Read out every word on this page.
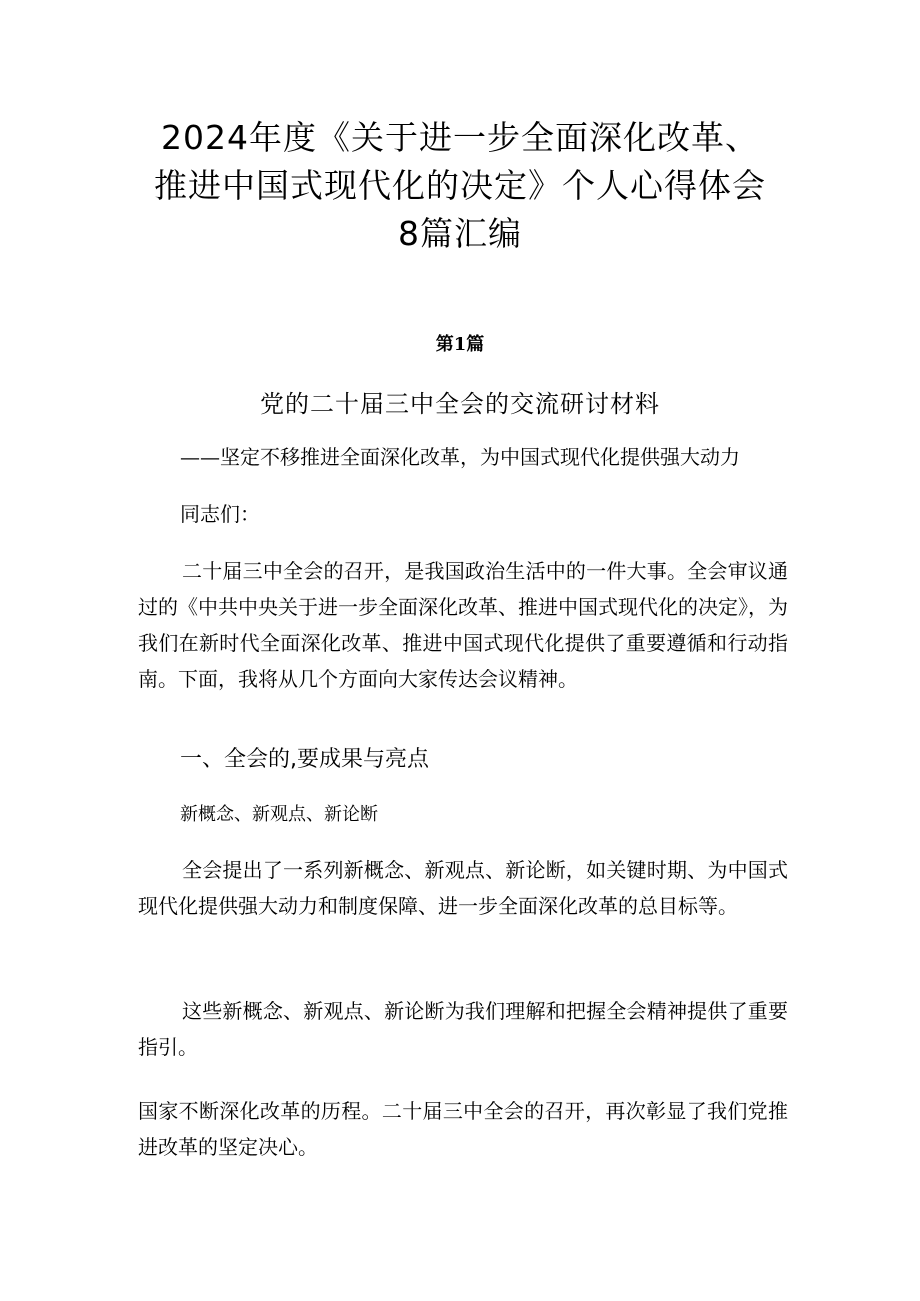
2024年度《关于进一步全面深化改革、推进中国式现代化的决定》个人心得体会8篇汇编

第1篇

党的二十届三中全会的交流研讨材料

——坚定不移推进全面深化改革，为中国式现代化提供强大动力

同志们：

二十届三中全会的召开，是我国政治生活中的一件大事。全会审议通过的《中共中央关于进一步全面深化改革、推进中国式现代化的决定》，为我们在新时代全面深化改革、推进中国式现代化提供了重要遵循和行动指南。下面，我将从几个方面向大家传达会议精神。

一、全会的,要成果与亮点

新概念、新观点、新论断

全会提出了一系列新概念、新观点、新论断，如关键时期、为中国式现代化提供强大动力和制度保障、进一步全面深化改革的总目标等。

这些新概念、新观点、新论断为我们理解和把握全会精神提供了重要指引。

国家不断深化改革的历程。二十届三中全会的召开，再次彰显了我们党推进改革的坚定决心。
